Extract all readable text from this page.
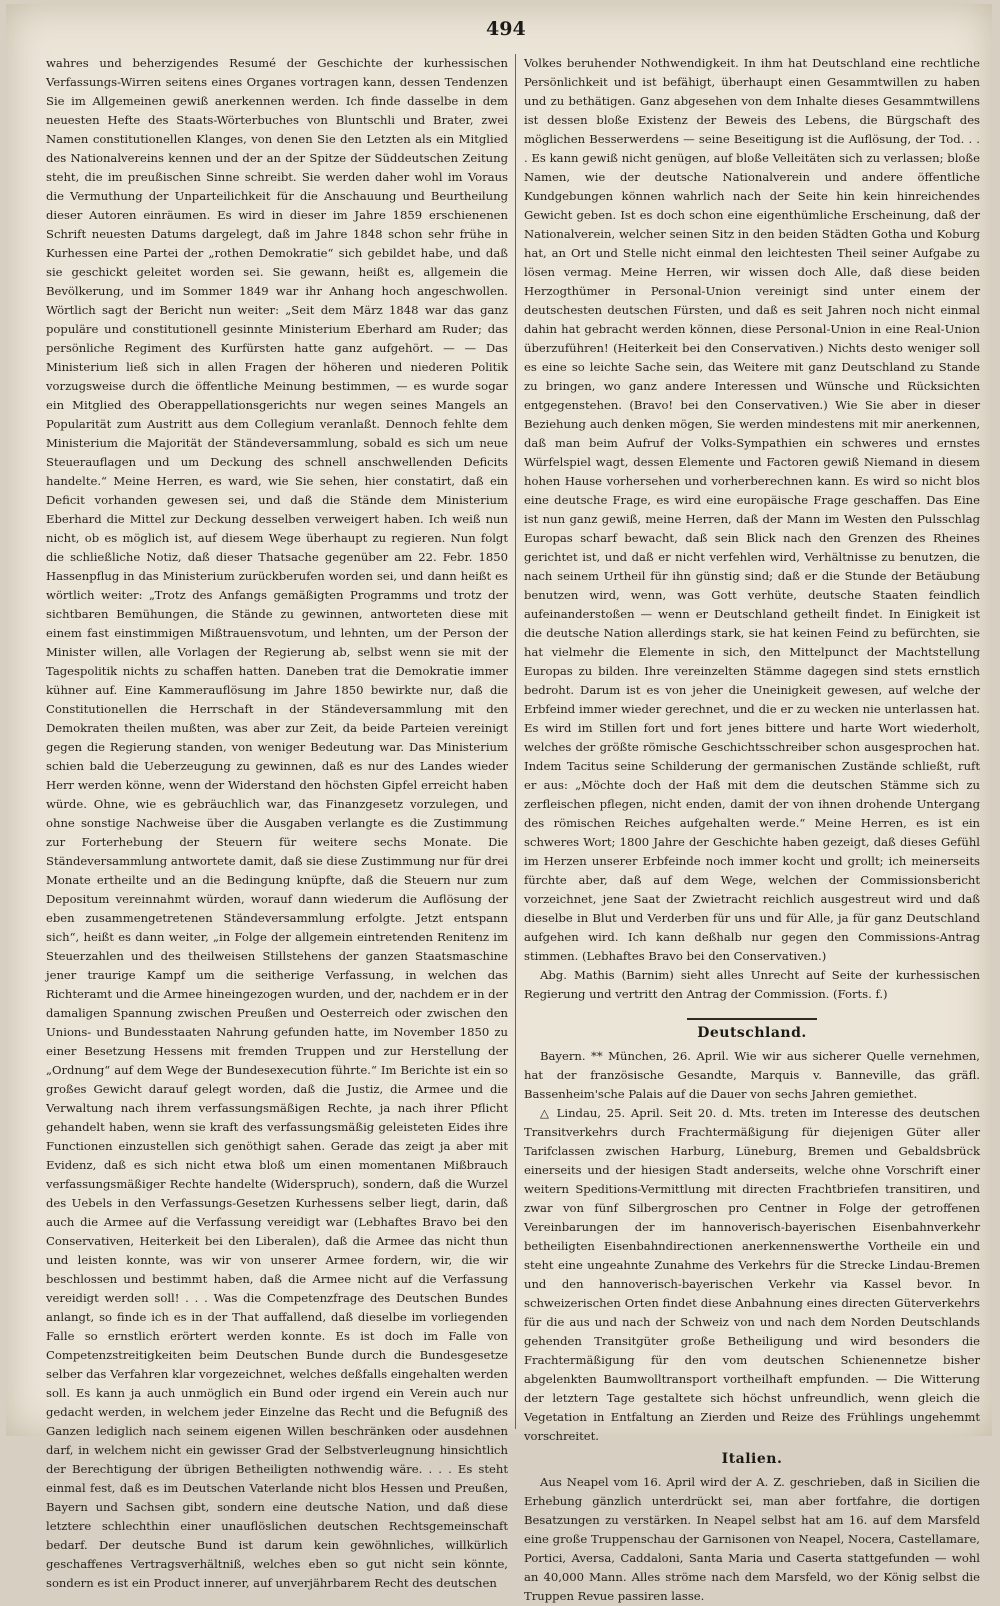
494

wahres und beherzigendes Resumé der Geschichte der kurhessischen Verfassungs-Wirren seitens eines Organes vortragen kann, dessen Tendenzen Sie im Allgemeinen gewiß anerkennen werden. Ich finde dasselbe in dem neuesten Hefte des Staats-Wörterbuches von Bluntschli und Brater, zwei Namen constitutionellen Klanges, von denen Sie den Letzten als ein Mitglied des Nationalvereins kennen und der an der Spitze der Süddeutschen Zeitung steht, die im preußischen Sinne schreibt. Sie werden daher wohl im Voraus die Vermuthung der Unparteilichkeit für die Anschauung und Beurtheilung dieser Autoren einräumen. Es wird in dieser im Jahre 1859 erschienenen Schrift neuesten Datums dargelegt, daß im Jahre 1848 schon sehr frühe in Kurhessen eine Partei der „rothen Demokratie“ sich gebildet habe, und daß sie geschickt geleitet worden sei. Sie gewann, heißt es, allgemein die Bevölkerung, und im Sommer 1849 war ihr Anhang hoch angeschwollen. Wörtlich sagt der Bericht nun weiter: „Seit dem März 1848 war das ganz populäre und constitutionell gesinnte Ministerium Eberhard am Ruder; das persönliche Regiment des Kurfürsten hatte ganz aufgehört. — — Das Ministerium ließ sich in allen Fragen der höheren und niederen Politik vorzugsweise durch die öffentliche Meinung bestimmen, — es wurde sogar ein Mitglied des Oberappellationsgerichts nur wegen seines Mangels an Popularität zum Austritt aus dem Collegium veranlaßt. Dennoch fehlte dem Ministerium die Majorität der Ständeversammlung, sobald es sich um neue Steuerauflagen und um Deckung des schnell anschwellenden Deficits handelte.“ Meine Herren, es ward, wie Sie sehen, hier constatirt, daß ein Deficit vorhanden gewesen sei, und daß die Stände dem Ministerium Eberhard die Mittel zur Deckung desselben verweigert haben. Ich weiß nun nicht, ob es möglich ist, auf diesem Wege überhaupt zu regieren. Nun folgt die schließliche Notiz, daß dieser Thatsache gegenüber am 22. Febr. 1850 Hassenpflug in das Ministerium zurückberufen worden sei, und dann heißt es wörtlich weiter: „Trotz des Anfangs gemäßigten Programms und trotz der sichtbaren Bemühungen, die Stände zu gewinnen, antworteten diese mit einem fast einstimmigen Mißtrauensvotum, und lehnten, um der Person der Minister willen, alle Vorlagen der Regierung ab, selbst wenn sie mit der Tagespolitik nichts zu schaffen hatten. Daneben trat die Demokratie immer kühner auf. Eine Kammerauflösung im Jahre 1850 bewirkte nur, daß die Constitutionellen die Herrschaft in der Ständeversammlung mit den Demokraten theilen mußten, was aber zur Zeit, da beide Parteien vereinigt gegen die Regierung standen, von weniger Bedeutung war. Das Ministerium schien bald die Ueberzeugung zu gewinnen, daß es nur des Landes wieder Herr werden könne, wenn der Widerstand den höchsten Gipfel erreicht haben würde. Ohne, wie es gebräuchlich war, das Finanzgesetz vorzulegen, und ohne sonstige Nachweise über die Ausgaben verlangte es die Zustimmung zur Forterhebung der Steuern für weitere sechs Monate. Die Ständeversammlung antwortete damit, daß sie diese Zustimmung nur für drei Monate ertheilte und an die Bedingung knüpfte, daß die Steuern nur zum Depositum vereinnahmt würden, worauf dann wiederum die Auflösung der eben zusammengetretenen Ständeversammlung erfolgte. Jetzt entspann sich“, heißt es dann weiter, „in Folge der allgemein eintretenden Renitenz im Steuerzahlen und des theilweisen Stillstehens der ganzen Staatsmaschine jener traurige Kampf um die seitherige Verfassung, in welchen das Richteramt und die Armee hineingezogen wurden, und der, nachdem er in der damaligen Spannung zwischen Preußen und Oesterreich oder zwischen den Unions- und Bundesstaaten Nahrung gefunden hatte, im November 1850 zu einer Besetzung Hessens mit fremden Truppen und zur Herstellung der „Ordnung“ auf dem Wege der Bundesexecution führte.“ Im Berichte ist ein so großes Gewicht darauf gelegt worden, daß die Justiz, die Armee und die Verwaltung nach ihrem verfassungsmäßigen Rechte, ja nach ihrer Pflicht gehandelt haben, wenn sie kraft des verfassungsmäßig geleisteten Eides ihre Functionen einzustellen sich genöthigt sahen. Gerade das zeigt ja aber mit Evidenz, daß es sich nicht etwa bloß um einen momentanen Mißbrauch verfassungsmäßiger Rechte handelte (Widerspruch), sondern, daß die Wurzel des Uebels in den Verfassungs-Gesetzen Kurhessens selber liegt, darin, daß auch die Armee auf die Verfassung vereidigt war (Lebhaftes Bravo bei den Conservativen, Heiterkeit bei den Liberalen), daß die Armee das nicht thun und leisten konnte, was wir von unserer Armee fordern, wir, die wir beschlossen und bestimmt haben, daß die Armee nicht auf die Verfassung vereidigt werden soll! . . . Was die Competenzfrage des Deutschen Bundes anlangt, so finde ich es in der That auffallend, daß dieselbe im vorliegenden Falle so ernstlich erörtert werden konnte. Es ist doch im Falle von Competenzstreitigkeiten beim Deutschen Bunde durch die Bundesgesetze selber das Verfahren klar vorgezeichnet, welches deßfalls eingehalten werden soll. Es kann ja auch unmöglich ein Bund oder irgend ein Verein auch nur gedacht werden, in welchem jeder Einzelne das Recht und die Befugniß des Ganzen lediglich nach seinem eigenen Willen beschränken oder ausdehnen darf, in welchem nicht ein gewisser Grad der Selbstverleugnung hinsichtlich der Berechtigung der übrigen Betheiligten nothwendig wäre. . . . Es steht einmal fest, daß es im Deutschen Vaterlande nicht blos Hessen und Preußen, Bayern und Sachsen gibt, sondern eine deutsche Nation, und daß diese letztere schlechthin einer unauflöslichen deutschen Rechtsgemeinschaft bedarf. Der deutsche Bund ist darum kein gewöhnliches, willkürlich geschaffenes Vertragsverhältniß, welches eben so gut nicht sein könnte, sondern es ist ein Product innerer, auf unverjährbarem Recht des deutschen

Volkes beruhender Nothwendigkeit. In ihm hat Deutschland eine rechtliche Persönlichkeit und ist befähigt, überhaupt einen Gesammtwillen zu haben und zu bethätigen. Ganz abgesehen von dem Inhalte dieses Gesammtwillens ist dessen bloße Existenz der Beweis des Lebens, die Bürgschaft des möglichen Besserwerdens — seine Beseitigung ist die Auflösung, der Tod. . . . Es kann gewiß nicht genügen, auf bloße Velleitäten sich zu verlassen; bloße Namen, wie der deutsche Nationalverein und andere öffentliche Kundgebungen können wahrlich nach der Seite hin kein hinreichendes Gewicht geben. Ist es doch schon eine eigenthümliche Erscheinung, daß der Nationalverein, welcher seinen Sitz in den beiden Städten Gotha und Koburg hat, an Ort und Stelle nicht einmal den leichtesten Theil seiner Aufgabe zu lösen vermag. Meine Herren, wir wissen doch Alle, daß diese beiden Herzogthümer in Personal-Union vereinigt sind unter einem der deutschesten deutschen Fürsten, und daß es seit Jahren noch nicht einmal dahin hat gebracht werden können, diese Personal-Union in eine Real-Union überzuführen! (Heiterkeit bei den Conservativen.) Nichts desto weniger soll es eine so leichte Sache sein, das Weitere mit ganz Deutschland zu Stande zu bringen, wo ganz andere Interessen und Wünsche und Rücksichten entgegenstehen. (Bravo! bei den Conservativen.) Wie Sie aber in dieser Beziehung auch denken mögen, Sie werden mindestens mit mir anerkennen, daß man beim Aufruf der Volks-Sympathien ein schweres und ernstes Würfelspiel wagt, dessen Elemente und Factoren gewiß Niemand in diesem hohen Hause vorhersehen und vorherberechnen kann. Es wird so nicht blos eine deutsche Frage, es wird eine europäische Frage geschaffen. Das Eine ist nun ganz gewiß, meine Herren, daß der Mann im Westen den Pulsschlag Europas scharf bewacht, daß sein Blick nach den Grenzen des Rheines gerichtet ist, und daß er nicht verfehlen wird, Verhältnisse zu benutzen, die nach seinem Urtheil für ihn günstig sind; daß er die Stunde der Betäubung benutzen wird, wenn, was Gott verhüte, deutsche Staaten feindlich aufeinanderstoßen — wenn er Deutschland getheilt findet. In Einigkeit ist die deutsche Nation allerdings stark, sie hat keinen Feind zu befürchten, sie hat vielmehr die Elemente in sich, den Mittelpunct der Machtstellung Europas zu bilden. Ihre vereinzelten Stämme dagegen sind stets ernstlich bedroht. Darum ist es von jeher die Uneinigkeit gewesen, auf welche der Erbfeind immer wieder gerechnet, und die er zu wecken nie unterlassen hat. Es wird im Stillen fort und fort jenes bittere und harte Wort wiederholt, welches der größte römische Geschichtsschreiber schon ausgesprochen hat. Indem Tacitus seine Schilderung der germanischen Zustände schließt, ruft er aus: „Möchte doch der Haß mit dem die deutschen Stämme sich zu zerfleischen pflegen, nicht enden, damit der von ihnen drohende Untergang des römischen Reiches aufgehalten werde.“ Meine Herren, es ist ein schweres Wort; 1800 Jahre der Geschichte haben gezeigt, daß dieses Gefühl im Herzen unserer Erbfeinde noch immer kocht und grollt; ich meinerseits fürchte aber, daß auf dem Wege, welchen der Commissionsbericht vorzeichnet, jene Saat der Zwietracht reichlich ausgestreut wird und daß dieselbe in Blut und Verderben für uns und für Alle, ja für ganz Deutschland aufgehen wird. Ich kann deßhalb nur gegen den Commissions-Antrag stimmen. (Lebhaftes Bravo bei den Conservativen.)

Abg. Mathis (Barnim) sieht alles Unrecht auf Seite der kurhessischen Regierung und vertritt den Antrag der Commission. (Forts. f.)

Deutschland.

Bayern. ** München, 26. April. Wie wir aus sicherer Quelle vernehmen, hat der französische Gesandte, Marquis v. Banneville, das gräfl. Bassenheim'sche Palais auf die Dauer von sechs Jahren gemiethet.

△ Lindau, 25. April. Seit 20. d. Mts. treten im Interesse des deutschen Transitverkehrs durch Frachtermäßigung für diejenigen Güter aller Tarifclassen zwischen Harburg, Lüneburg, Bremen und Gebaldsbrück einerseits und der hiesigen Stadt anderseits, welche ohne Vorschrift einer weitern Speditions-Vermittlung mit directen Frachtbriefen transitiren, und zwar von fünf Silbergroschen pro Centner in Folge der getroffenen Vereinbarungen der im hannoverisch-bayerischen Eisenbahnverkehr betheiligten Eisenbahndirectionen anerkennenswerthe Vortheile ein und steht eine ungeahnte Zunahme des Verkehrs für die Strecke Lindau-Bremen und den hannoverisch-bayerischen Verkehr via Kassel bevor. In schweizerischen Orten findet diese Anbahnung eines directen Güterverkehrs für die aus und nach der Schweiz von und nach dem Norden Deutschlands gehenden Transitgüter große Betheiligung und wird besonders die Frachtermäßigung für den vom deutschen Schienennetze bisher abgelenkten Baumwolltransport vortheilhaft empfunden. — Die Witterung der letztern Tage gestaltete sich höchst unfreundlich, wenn gleich die Vegetation in Entfaltung an Zierden und Reize des Frühlings ungehemmt vorschreitet.

Italien.

Aus Neapel vom 16. April wird der A. Z. geschrieben, daß in Sicilien die Erhebung gänzlich unterdrückt sei, man aber fortfahre, die dortigen Besatzungen zu verstärken. In Neapel selbst hat am 16. auf dem Marsfeld eine große Truppenschau der Garnisonen von Neapel, Nocera, Castellamare, Portici, Aversa, Caddaloni, Santa Maria und Caserta stattgefunden — wohl an 40,000 Mann. Alles ströme nach dem Marsfeld, wo der König selbst die Truppen Revue passiren lasse.
